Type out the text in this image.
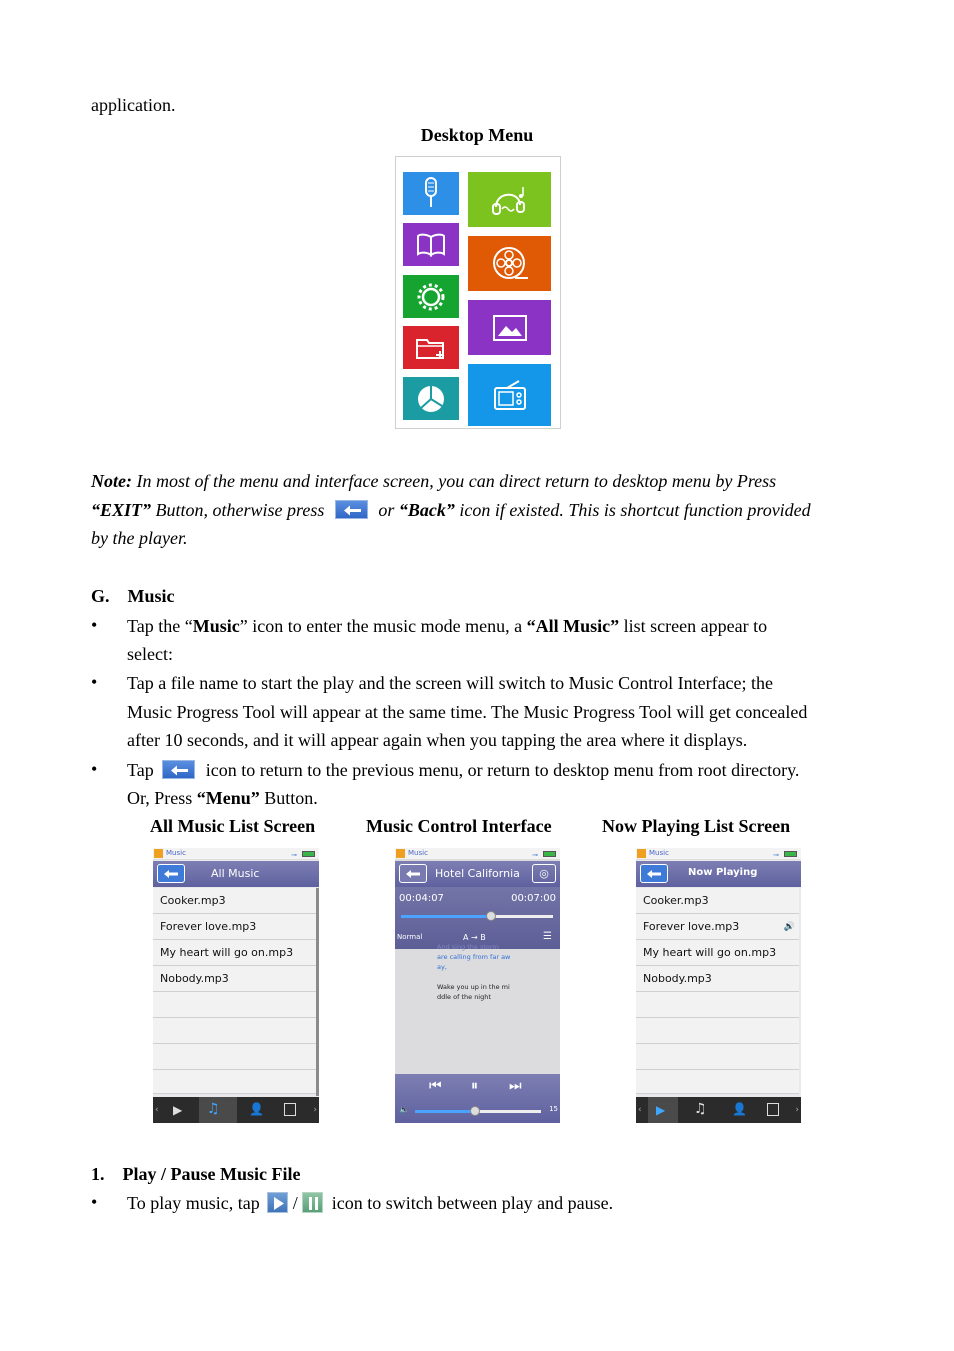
application.
Desktop Menu
Note: In most of the menu and interface screen, you can direct return to desktop menu by Press
“EXIT” Button, otherwise press	or “Back” icon if existed. This is shortcut function provided
by the player.
G. Music
• Tap the “Music” icon to enter the music mode menu, a “All Music” list screen appear to
select:
• Tap a file name to start the play and the screen will switch to Music Control Interface; the
Music Progress Tool will appear at the same time. The Music Progress Tool will get concealed
after 10 seconds, and it will appear again when you tapping the area where it displays.
• Tap
icon to return to the previous menu, or return to desktop menu from root directory.
Or, Press “Menu” Button.
All Music List Screen	Music Control Interface	Now Playing List Screen
Music	⊸
All Music
Cooker.mp3
Forever love.mp3
My heart will go on.mp3
Nobody.mp3
‹ ▶ ♫ 👤	›
Music	⊸
Hotel California	◎
00:04:07	00:07:00
Normal	A → B	☰
And sing the storm
are calling from far aw
ay,
Wake you up in the mi
ddle of the night
⏮ ⏸ ⏭
🔈	15
Music	⊸
Now Playing
Cooker.mp3
Forever love.mp3	🔊
My heart will go on.mp3
Nobody.mp3
‹ ▶ ♫ 👤	›
1. Play / Pause Music File
• To play music, tap
/
icon to switch between play and pause.
